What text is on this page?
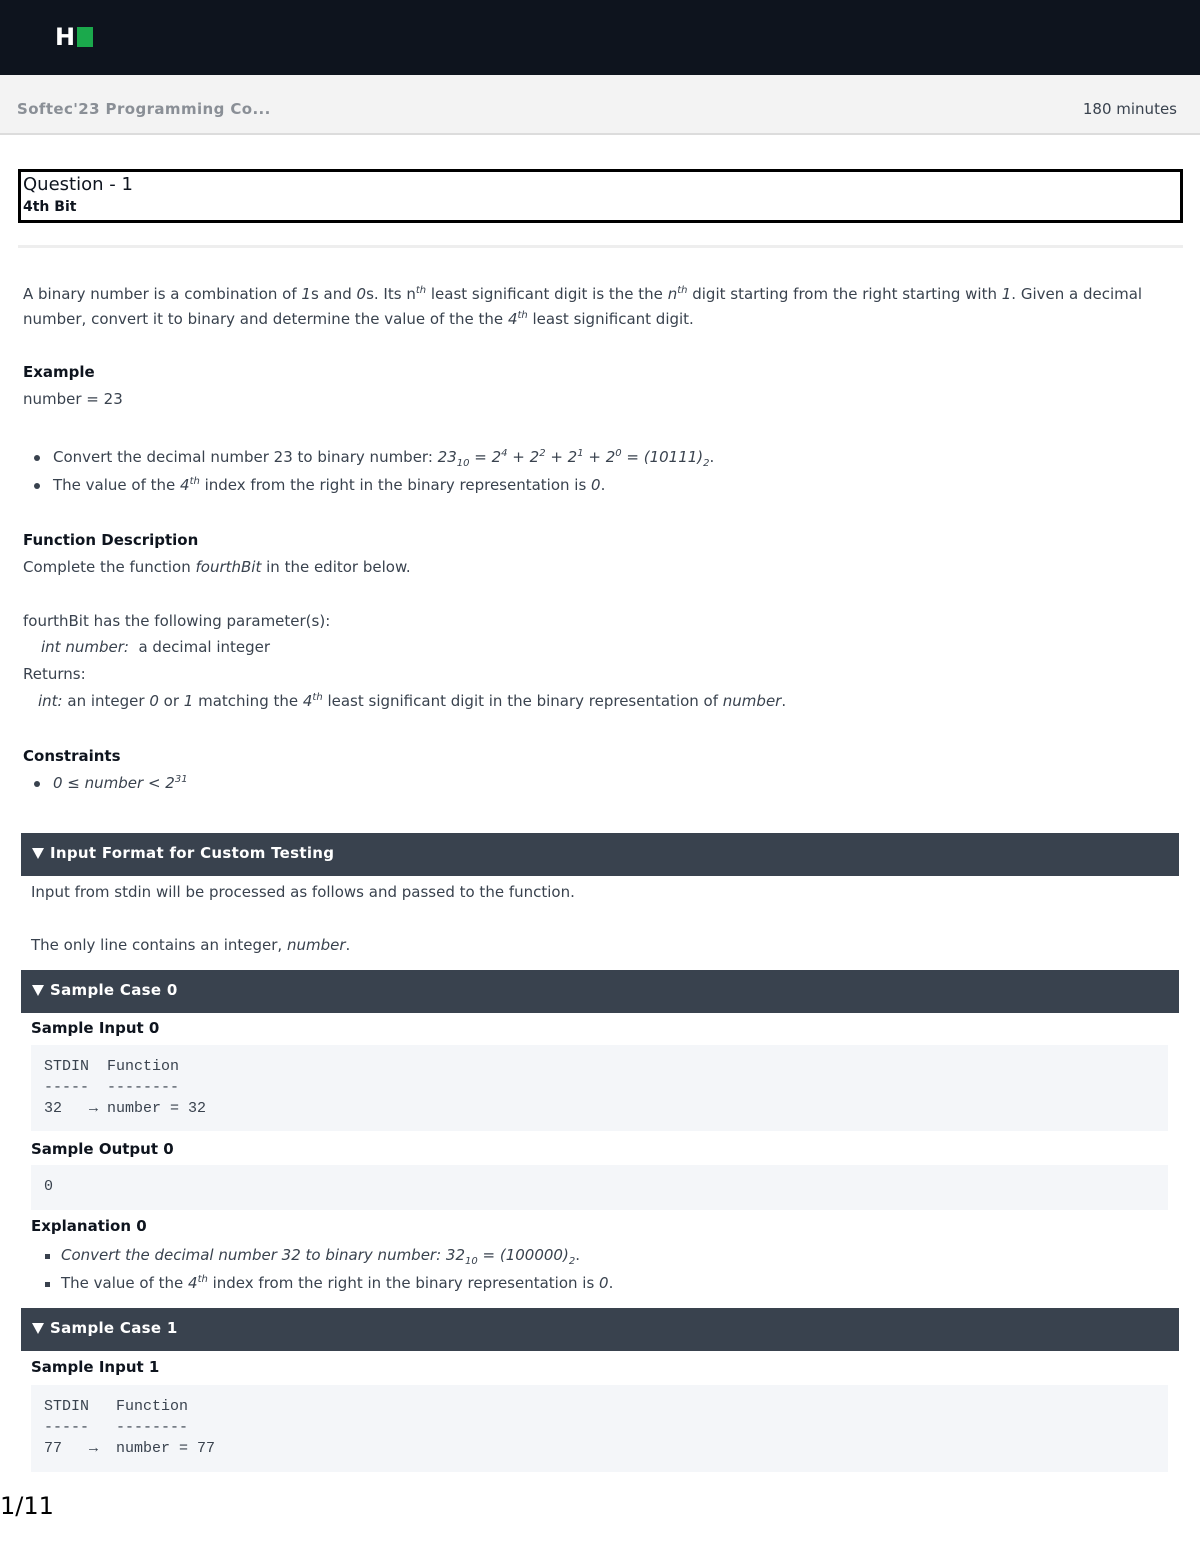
H
Softec'23 Programming Co...	180 minutes
Question - 1
4th Bit
A binary number is a combination of 1s and 0s. Its $n^{th}$ least significant digit is the the $n^{th}$ digit starting from the right starting with 1. Given a decimal
number, convert it to binary and determine the value of the the 4th least significant digit.
Example
number = 23
Convert the decimal number 23 to binary number: $23_{10} = 2^4 + 2^2 + 2^1 + 2^0 = (10111)_2$.
The value of the 4th index from the right in the binary representation is 0.
Function Description
Complete the function fourthBit in the editor below.
fourthBit has the following parameter(s):
int number:  a decimal integer
Returns:
int: an integer 0 or 1 matching the 4th least significant digit in the binary representation of number.
Constraints
0 ≤ number < $2^{31}$
Input Format for Custom Testing
Input from stdin will be processed as follows and passed to the function.
The only line contains an integer, number.
Sample Case 0
Sample Input 0
STDIN  Function
-----  --------
32   → number = 32
Sample Output 0
0
Explanation 0
Convert the decimal number 32 to binary number: $32_{10} = (100000)_2$.
The value of the 4th index from the right in the binary representation is 0.
Sample Case 1
Sample Input 1
STDIN   Function
-----   --------
77   →  number = 77
1/11
